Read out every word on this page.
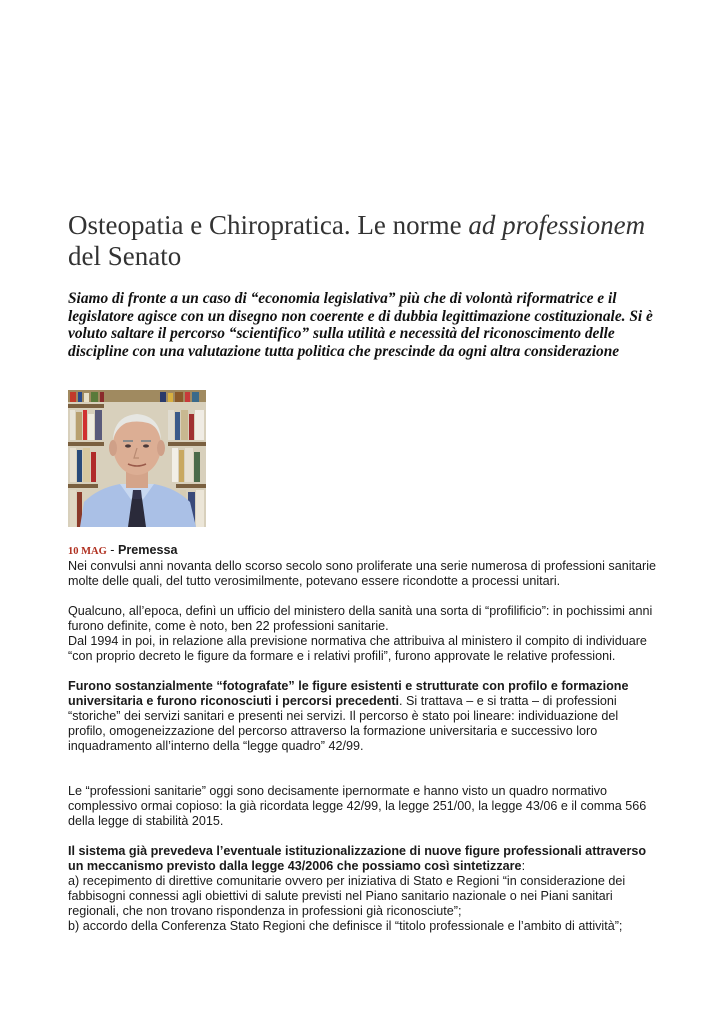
Osteopatia e Chiropratica. Le norme ad professionem del Senato

Siamo di fronte a un caso di “economia legislativa” più che di volontà riformatrice e il legislatore agisce con un disegno non coerente e di dubbia legittimazione costituzionale. Si è voluto saltare il percorso “scientifico” sulla utilità e necessità del riconoscimento delle discipline con una valutazione tutta politica che prescinde da ogni altra considerazione

10 MAG - Premessa

Nei convulsi anni novanta dello scorso secolo sono proliferate una serie numerosa di professioni sanitarie molte delle quali, del tutto verosimilmente, potevano essere ricondotte a processi unitari.

Qualcuno, all’epoca, definì un ufficio del ministero della sanità una sorta di “profilificio”: in pochissimi anni furono definite, come è noto, ben 22 professioni sanitarie.

Dal 1994 in poi, in relazione alla previsione normativa che attribuiva al ministero il compito di individuare “con proprio decreto le figure da formare e i relativi profili”, furono approvate le relative professioni.

Furono sostanzialmente “fotografate” le figure esistenti e strutturate con profilo e formazione universitaria e furono riconosciuti i percorsi precedenti. Si trattava – e si tratta – di professioni “storiche” dei servizi sanitari e presenti nei servizi. Il percorso è stato poi lineare: individuazione del profilo, omogeneizzazione del percorso attraverso la formazione universitaria e successivo loro inquadramento all’interno della “legge quadro” 42/99.

Le “professioni sanitarie” oggi sono decisamente ipernormate e hanno visto un quadro normativo complessivo ormai copioso: la già ricordata legge 42/99, la legge 251/00, la legge 43/06 e il comma 566 della legge di stabilità 2015.

Il sistema già prevedeva l’eventuale istituzionalizzazione di nuove figure professionali attraverso un meccanismo previsto dalla legge 43/2006 che possiamo così sintetizzare:

a) recepimento di direttive comunitarie ovvero per iniziativa di Stato e Regioni “in considerazione dei fabbisogni connessi agli obiettivi di salute previsti nel Piano sanitario nazionale o nei Piani sanitari regionali, che non trovano rispondenza in professioni già riconosciute”;

b) accordo della Conferenza Stato Regioni che definisce il “titolo professionale e l’ambito di attività”;
